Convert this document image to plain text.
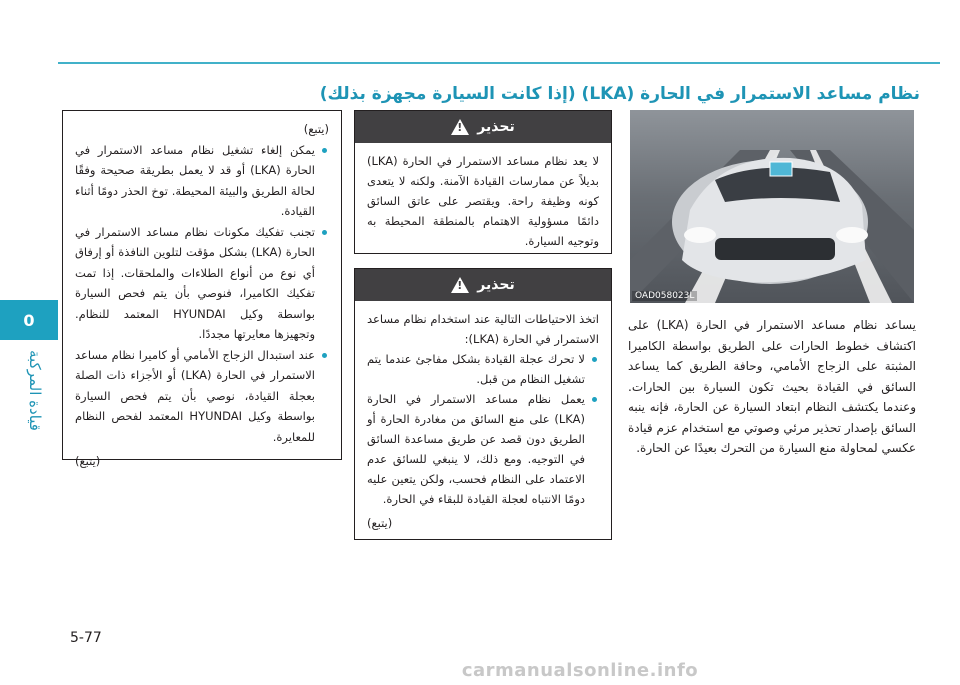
نظام مساعد الاستمرار في الحارة (LKA) (إذا كانت السيارة مجهزة بذلك)
0
قيادة المركبة
OAD058023L

يساعد نظام مساعد الاستمرار في الحارة (LKA) على اكتشاف خطوط الحارات على الطريق بواسطة الكاميرا المثبتة على الزجاج الأمامي، وحافة الطريق كما يساعد السائق في القيادة بحيث تكون السيارة بين الحارات. وعندما يكتشف النظام ابتعاد السيارة عن الحارة، فإنه ينبه السائق بإصدار تحذير مرئي وصوتي مع استخدام عزم قيادة عكسي لمحاولة منع السيارة من التحرك بعيدًا عن الحارة.

تحذير
!
لا يعد نظام مساعد الاستمرار في الحارة (LKA) بديلاً عن ممارسات القيادة الآمنة. ولكنه لا يتعدى كونه وظيفة راحة. ويقتصر على عاتق السائق دائمًا مسؤولية الاهتمام بالمنطقة المحيطة به وتوجيه السيارة.
تحذير
!
اتخذ الاحتياطات التالية عند استخدام نظام مساعد الاستمرار في الحارة (LKA):
لا تحرك عجلة القيادة بشكل مفاجئ عندما يتم تشغيل النظام من قبل.
يعمل نظام مساعد الاستمرار في الحارة (LKA) على منع السائق من مغادرة الحارة أو الطريق دون قصد عن طريق مساعدة السائق في التوجيه. ومع ذلك، لا ينبغي للسائق عدم الاعتماد على النظام فحسب، ولكن يتعين عليه دومًا الانتباه لعجلة القيادة للبقاء في الحارة.
(يتبع)
(يتبع)
يمكن إلغاء تشغيل نظام مساعد الاستمرار في الحارة (LKA) أو قد لا يعمل بطريقة صحيحة وفقًا لحالة الطريق والبيئة المحيطة. توخ الحذر دومًا أثناء القيادة.
تجنب تفكيك مكونات نظام مساعد الاستمرار في الحارة (LKA) بشكل مؤقت لتلوين النافذة أو إرفاق أي نوع من أنواع الطلاءات والملحقات. إذا تمت تفكيك الكاميرا، فنوصي بأن يتم فحص السيارة بواسطة وكيل HYUNDAI المعتمد للنظام. وتجهيزها معايرتها مجددًا.
عند استبدال الزجاج الأمامي أو كاميرا نظام مساعد الاستمرار في الحارة (LKA) أو الأجزاء ذات الصلة بعجلة القيادة، نوصي بأن يتم فحص السيارة بواسطة وكيل HYUNDAI المعتمد لفحص النظام للمعايرة.
(يتبع)
5-77
carmanualsonline.info
